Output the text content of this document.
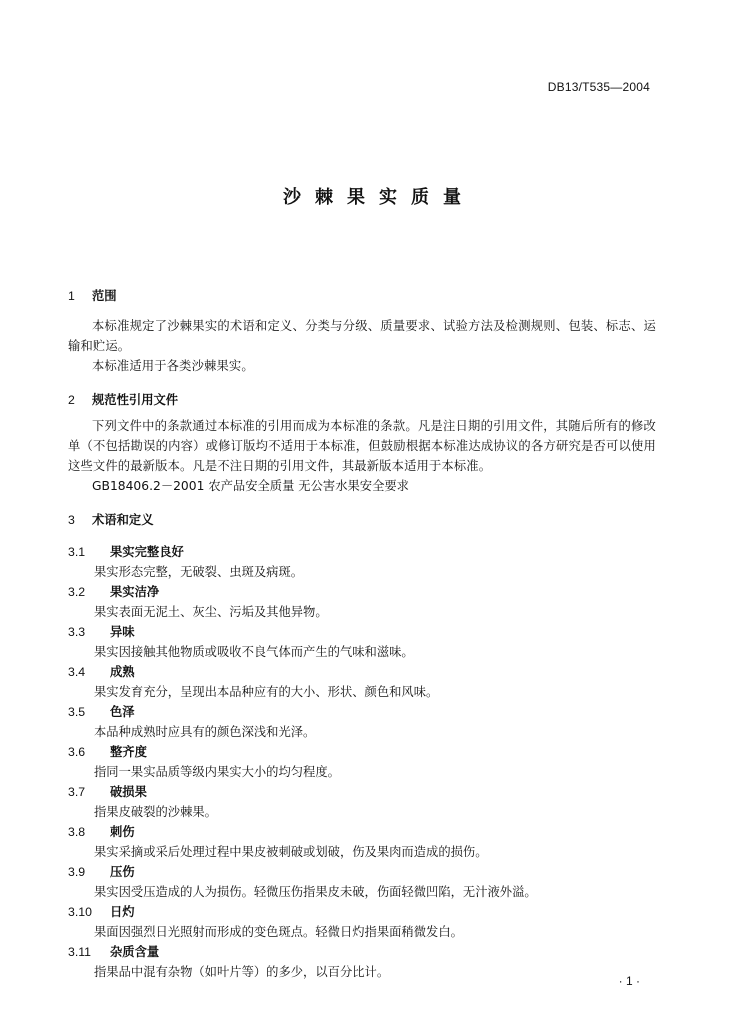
DB13/T535—2004
沙棘果实质量
1 范围

本标准规定了沙棘果实的术语和定义、分类与分级、质量要求、试验方法及检测规则、包装、标志、运输和贮运。

本标准适用于各类沙棘果实。

2 规范性引用文件

下列文件中的条款通过本标准的引用而成为本标准的条款。凡是注日期的引用文件，其随后所有的修改单（不包括勘误的内容）或修订版均不适用于本标准，但鼓励根据本标准达成协议的各方研究是否可以使用这些文件的最新版本。凡是不注日期的引用文件，其最新版本适用于本标准。

GB18406.2－2001 农产品安全质量 无公害水果安全要求

3 术语和定义
3.1 果实完整良好
果实形态完整，无破裂、虫斑及病斑。
3.2 果实洁净
果实表面无泥土、灰尘、污垢及其他异物。
3.3 异味
果实因接触其他物质或吸收不良气体而产生的气味和滋味。
3.4 成熟
果实发育充分，呈现出本品种应有的大小、形状、颜色和风味。
3.5 色泽
本品种成熟时应具有的颜色深浅和光泽。
3.6 整齐度
指同一果实品质等级内果实大小的均匀程度。
3.7 破损果
指果皮破裂的沙棘果。
3.8 刺伤
果实采摘或采后处理过程中果皮被刺破或划破，伤及果肉而造成的损伤。
3.9 压伤
果实因受压造成的人为损伤。轻微压伤指果皮未破，伤面轻微凹陷，无汁液外溢。
3.10 日灼
果面因强烈日光照射而形成的变色斑点。轻微日灼指果面稍微发白。
3.11 杂质含量
指果品中混有杂物（如叶片等）的多少，以百分比计。
· 1 ·
